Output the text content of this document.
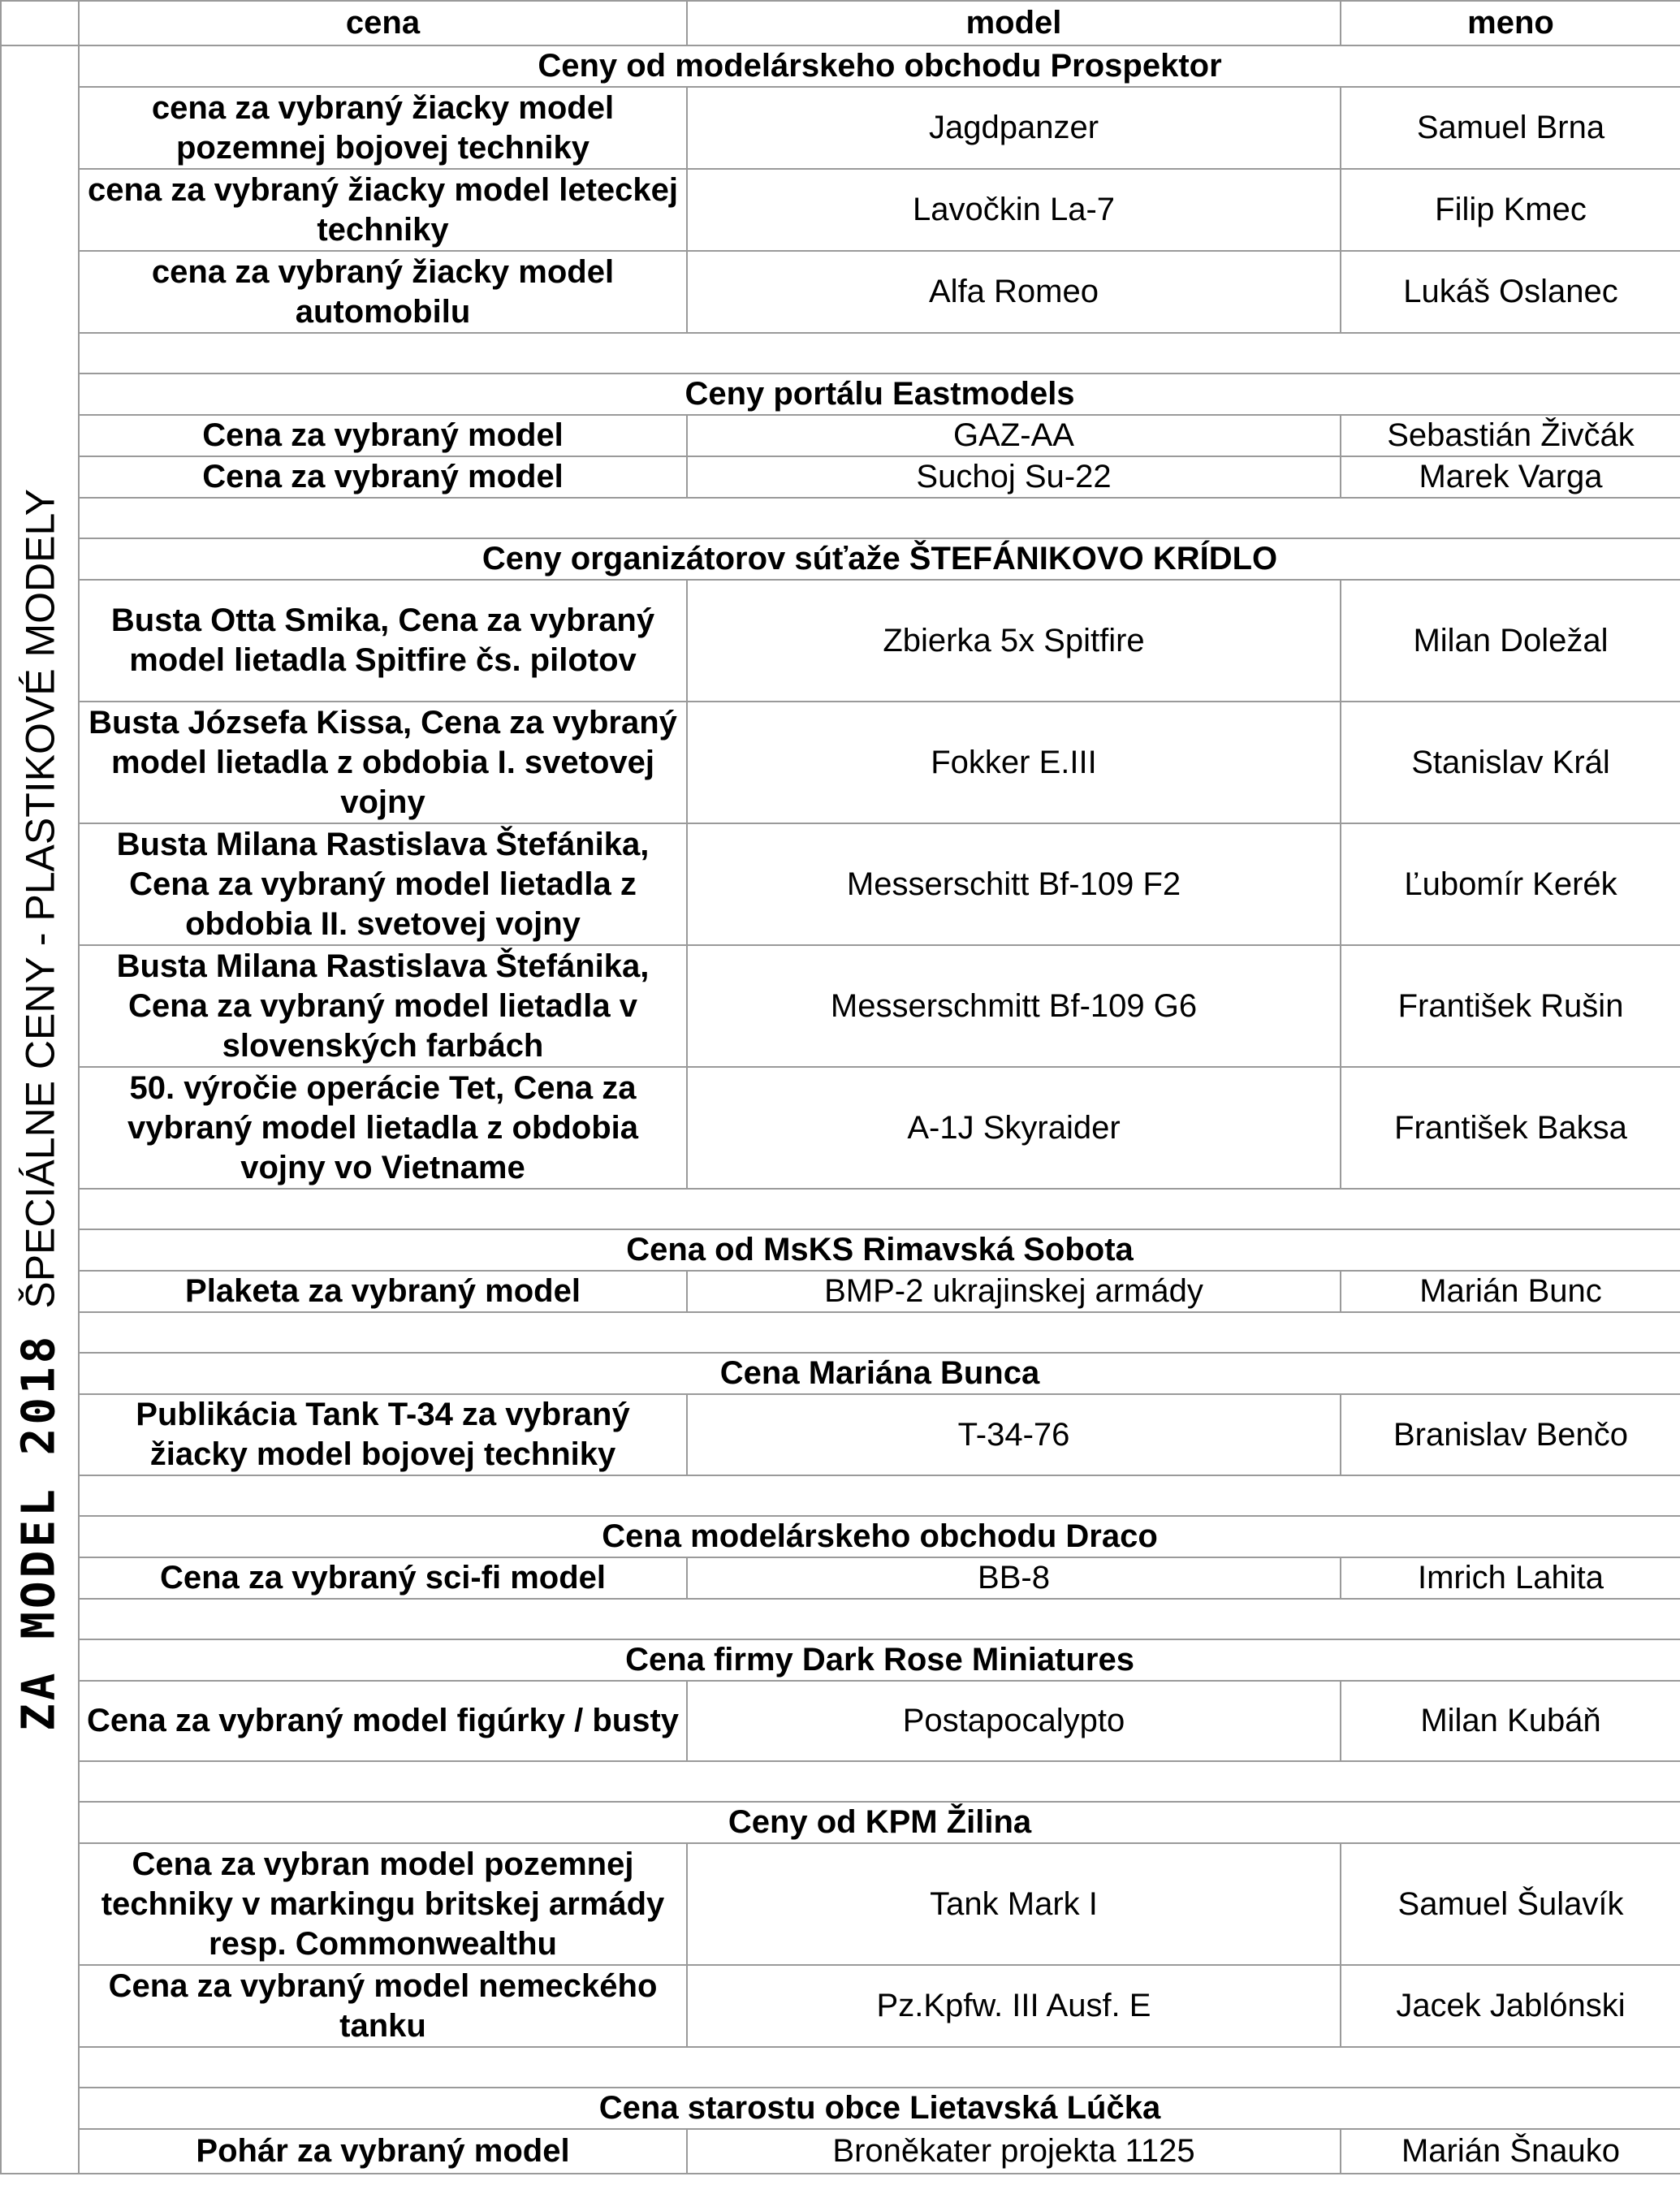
	cena	model	meno

ZA MODEL 2018ŠPECIÁLNE CENY - PLASTIKOVÉ MODELY	Ceny od modelárskeho obchodu Prospektor		
	cena za vybraný žiacky model pozemnej bojovej techniky	Jagdpanzer	Samuel Brna
	cena za vybraný žiacky model leteckej techniky	Lavočkin La-7	Filip Kmec
	cena za vybraný žiacky model automobilu	Alfa Romeo	Lukáš Oslanec

	Ceny portálu Eastmodels		
	Cena za vybraný model	GAZ-AA	Sebastián Živčák
	Cena za vybraný model	Suchoj Su-22	Marek Varga

	Ceny organizátorov súťaže ŠTEFÁNIKOVO KRÍDLO		
	Busta Otta Smika, Cena za vybraný model lietadla Spitfire čs. pilotov	Zbierka 5x Spitfire	Milan Doležal
	Busta Józsefa Kissa, Cena za vybraný model lietadla z obdobia I. svetovej vojny	Fokker E.III	Stanislav Král
	Busta Milana Rastislava Štefánika, Cena za vybraný model lietadla z obdobia II. svetovej vojny	Messerschitt Bf-109 F2	Ľubomír Kerék
	Busta Milana Rastislava Štefánika, Cena za vybraný model lietadla v slovenských farbách	Messerschmitt Bf-109 G6	František Rušin
	50. výročie operácie Tet, Cena za vybraný model lietadla z obdobia vojny vo Vietname	A-1J Skyraider	František Baksa

	Cena od MsKS Rimavská Sobota		
	Plaketa za vybraný model	BMP-2 ukrajinskej armády	Marián Bunc

	Cena Mariána Bunca		
	Publikácia Tank T-34 za vybraný žiacky model bojovej techniky	T-34-76	Branislav Benčo

	Cena modelárskeho obchodu Draco		
	Cena za vybraný sci-fi model	BB-8	Imrich Lahita

	Cena firmy Dark Rose Miniatures		
	Cena za vybraný model figúrky / busty	Postapocalypto	Milan Kubáň

	Ceny od KPM Žilina		
	Cena za vybran model pozemnej techniky v markingu britskej armády resp. Commonwealthu	Tank Mark I	Samuel Šulavík
	Cena za vybraný model nemeckého tanku	Pz.Kpfw. III Ausf. E	Jacek Jablónski

	Cena starostu obce Lietavská Lúčka		
	Pohár za vybraný model	Broněkater projekta 1125	Marián Šnauko
